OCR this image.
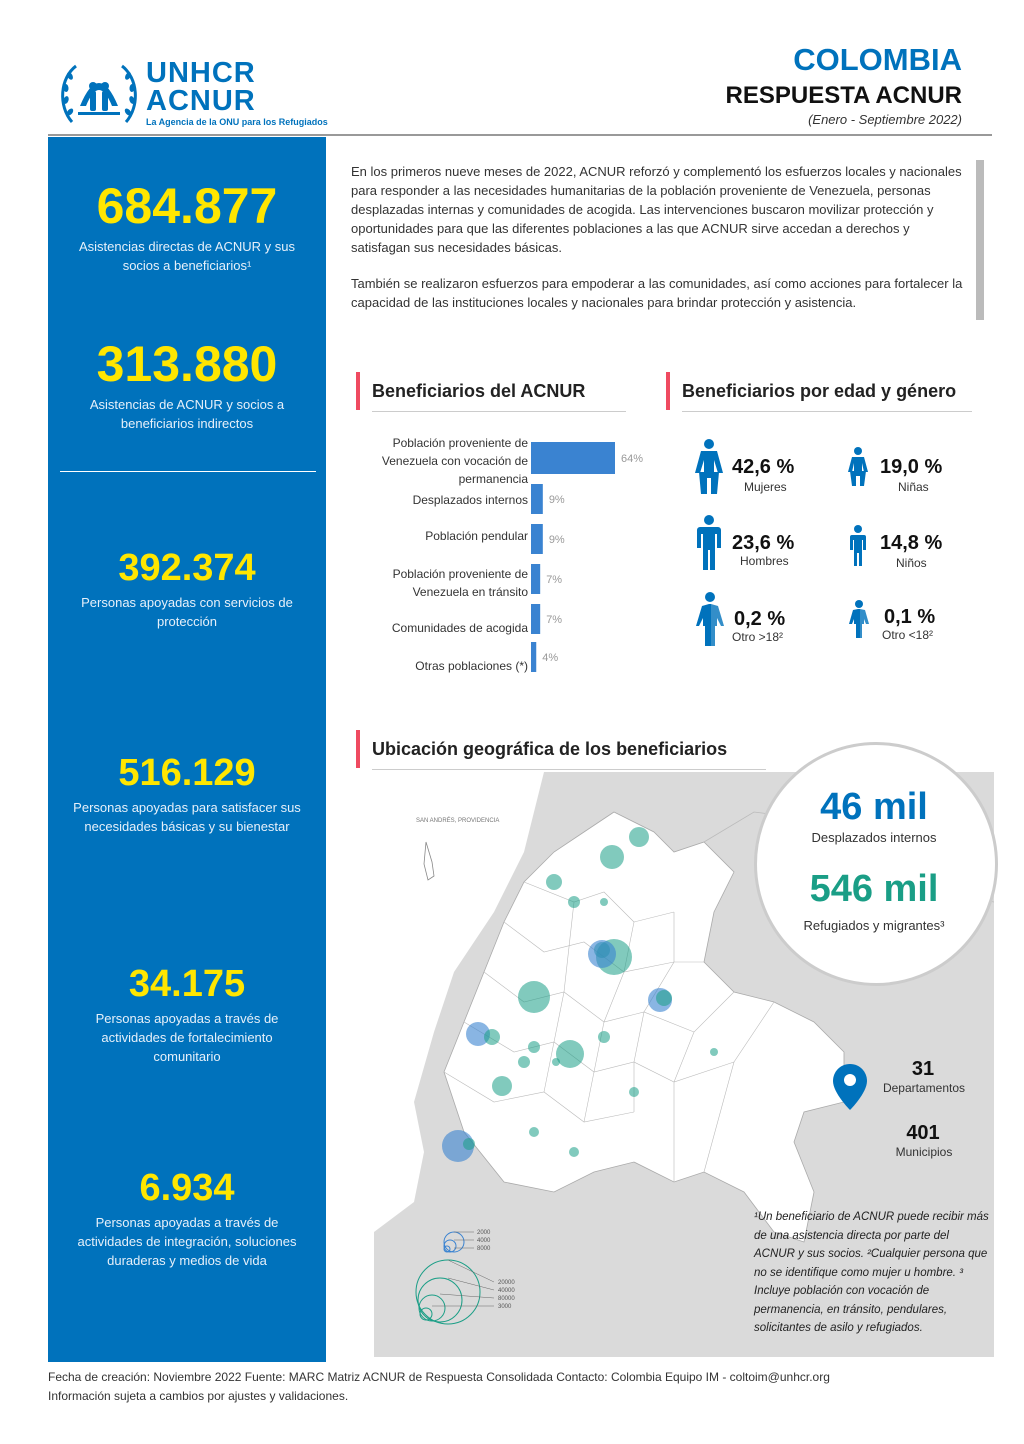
UNHCR
ACNUR
La Agencia de la ONU para los Refugiados
COLOMBIA
RESPUESTA ACNUR
(Enero - Septiembre 2022)
684.877
Asistencias directas de ACNUR y sus socios a beneficiarios¹
313.880
Asistencias de ACNUR y socios a beneficiarios indirectos
392.374
Personas apoyadas con servicios de protección
516.129
Personas apoyadas para satisfacer sus necesidades básicas y su bienestar
34.175
Personas apoyadas a través de actividades de fortalecimiento comunitario
6.934
Personas apoyadas a través de actividades de integración, soluciones duraderas y medios de vida

En los primeros nueve meses de 2022, ACNUR reforzó y complementó los esfuerzos locales y nacionales para responder a las necesidades humanitarias de la población proveniente de Venezuela, personas desplazadas internas y comunidades de acogida. Las intervenciones buscaron movilizar protección y oportunidades para que las diferentes poblaciones a las que ACNUR sirve accedan a derechos y satisfagan sus necesidades básicas.

También se realizaron esfuerzos para empoderar a las comunidades, así como acciones para fortalecer la capacidad de las instituciones locales y nacionales para brindar protección y asistencia.

Beneficiarios del ACNUR	Beneficiarios por edad y género
Población proveniente de Venezuela con vocación de permanencia
Desplazados internos
Población pendular
Población proveniente de Venezuela en tránsito
Comunidades de acogida
Otras poblaciones (*)
64%
9%
9%
7%
7%
4%
42,6 %
Mujeres
19,0 %
Niñas
23,6 %
Hombres
14,8 %
Niños
0,2 %
Otro >18²
0,1 %
Otro <18²
Ubicación geográfica de los beneficiarios
SAN ANDRÉS, PROVIDENCIA
2000
4000
8000
20000
40000
80000
3000
46 mil
Desplazados internos
546 mil
Refugiados y migrantes³
31
Departamentos
401
Municipios
¹Un beneficiario de ACNUR puede recibir más de una asistencia directa por parte del ACNUR y sus socios. ²Cualquier persona que no se identifique como mujer u hombre. ³ Incluye población con vocación de permanencia, en tránsito, pendulares, solicitantes de asilo y refugiados.
Fecha de creación: Noviembre 2022 Fuente: MARC Matriz ACNUR de Respuesta Consolidada Contacto: Colombia Equipo IM - coltoim@unhcr.org
Información sujeta a cambios por ajustes y validaciones.
